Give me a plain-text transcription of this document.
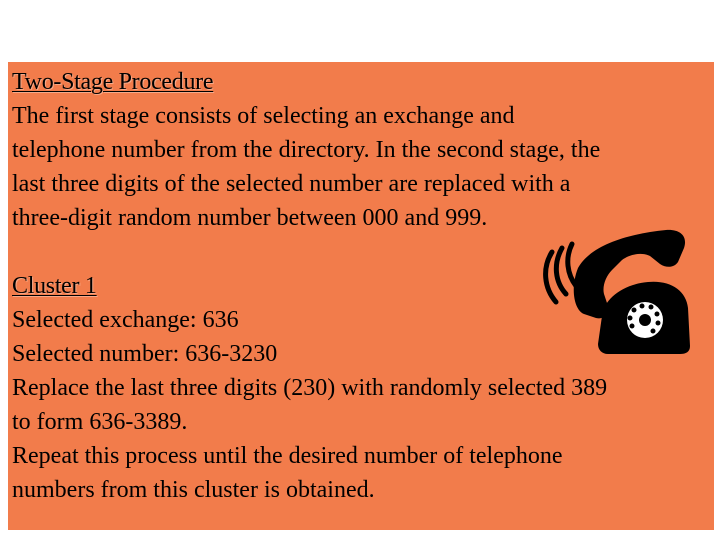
Two-Stage Procedure
The first stage consists of selecting an exchange and
telephone number from the directory. In the second stage, the
last three digits of the selected number are replaced with a
three-digit random number between 000 and 999.
Cluster 1
Selected exchange: 636
Selected number: 636-3230
Replace the last three digits (230) with randomly selected 389
to form 636-3389.
Repeat this process until the desired number of telephone
numbers from this cluster is obtained.
